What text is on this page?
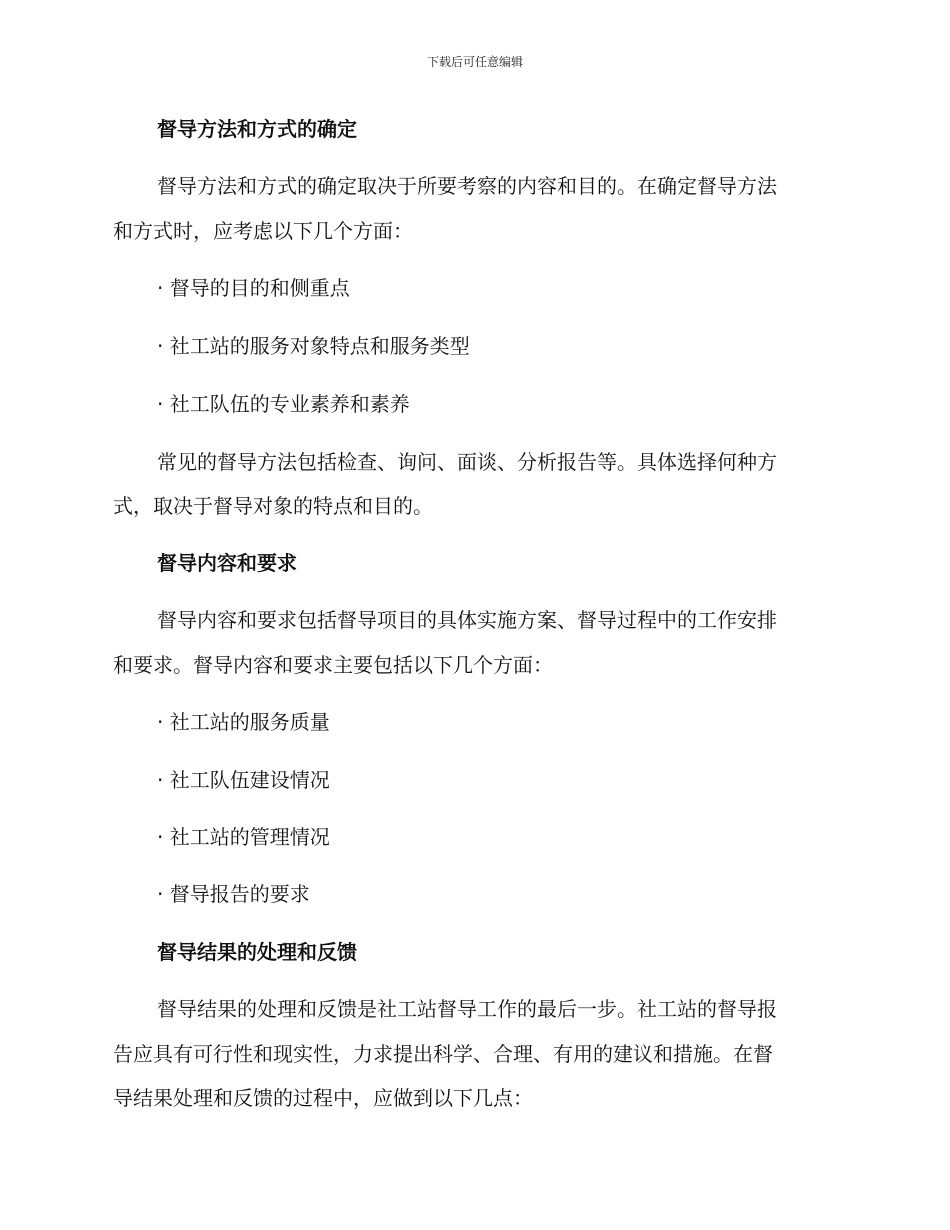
下载后可任意编辑
督导方法和方式的确定
督导方法和方式的确定取决于所要考察的内容和目的。在确定督导方法
和方式时，应考虑以下几个方面：
· 督导的目的和侧重点
· 社工站的服务对象特点和服务类型
· 社工队伍的专业素养和素养
常见的督导方法包括检查、询问、面谈、分析报告等。具体选择何种方
式，取决于督导对象的特点和目的。
督导内容和要求
督导内容和要求包括督导项目的具体实施方案、督导过程中的工作安排
和要求。督导内容和要求主要包括以下几个方面：
· 社工站的服务质量
· 社工队伍建设情况
· 社工站的管理情况
· 督导报告的要求
督导结果的处理和反馈
督导结果的处理和反馈是社工站督导工作的最后一步。社工站的督导报
告应具有可行性和现实性，力求提出科学、合理、有用的建议和措施。在督
导结果处理和反馈的过程中，应做到以下几点：
